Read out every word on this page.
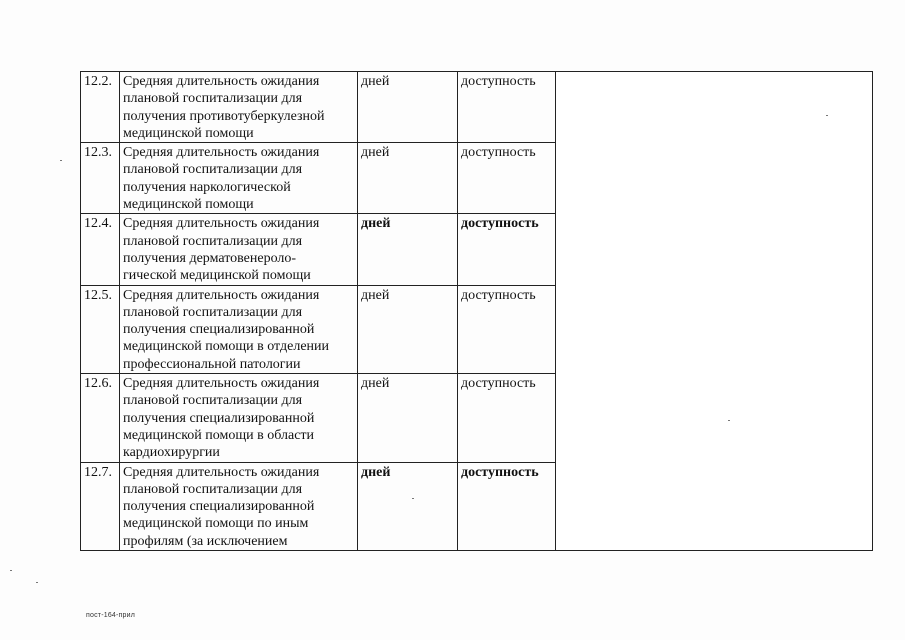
12.2.	Средняя длительность ожидания
плановой госпитализации для
получения противотуберкулезной
медицинской помощи	дней	доступность	
12.3.	Средняя длительность ожидания
плановой госпитализации для
получения наркологической
медицинской помощи	дней	доступность	
12.4.	Средняя длительность ожидания
плановой госпитализации для
получения дерматовенероло-
гической медицинской помощи	дней	доступность	
12.5.	Средняя длительность ожидания
плановой госпитализации для
получения специализированной
медицинской помощи в отделении
профессиональной патологии	дней	доступность	
12.6.	Средняя длительность ожидания
плановой госпитализации для
получения специализированной
медицинской помощи в области
кардиохирургии	дней	доступность	
12.7.	Средняя длительность ожидания
плановой госпитализации для
получения специализированной
медицинской помощи по иным
профилям (за исключением	дней	доступность	
пост-164-прил
